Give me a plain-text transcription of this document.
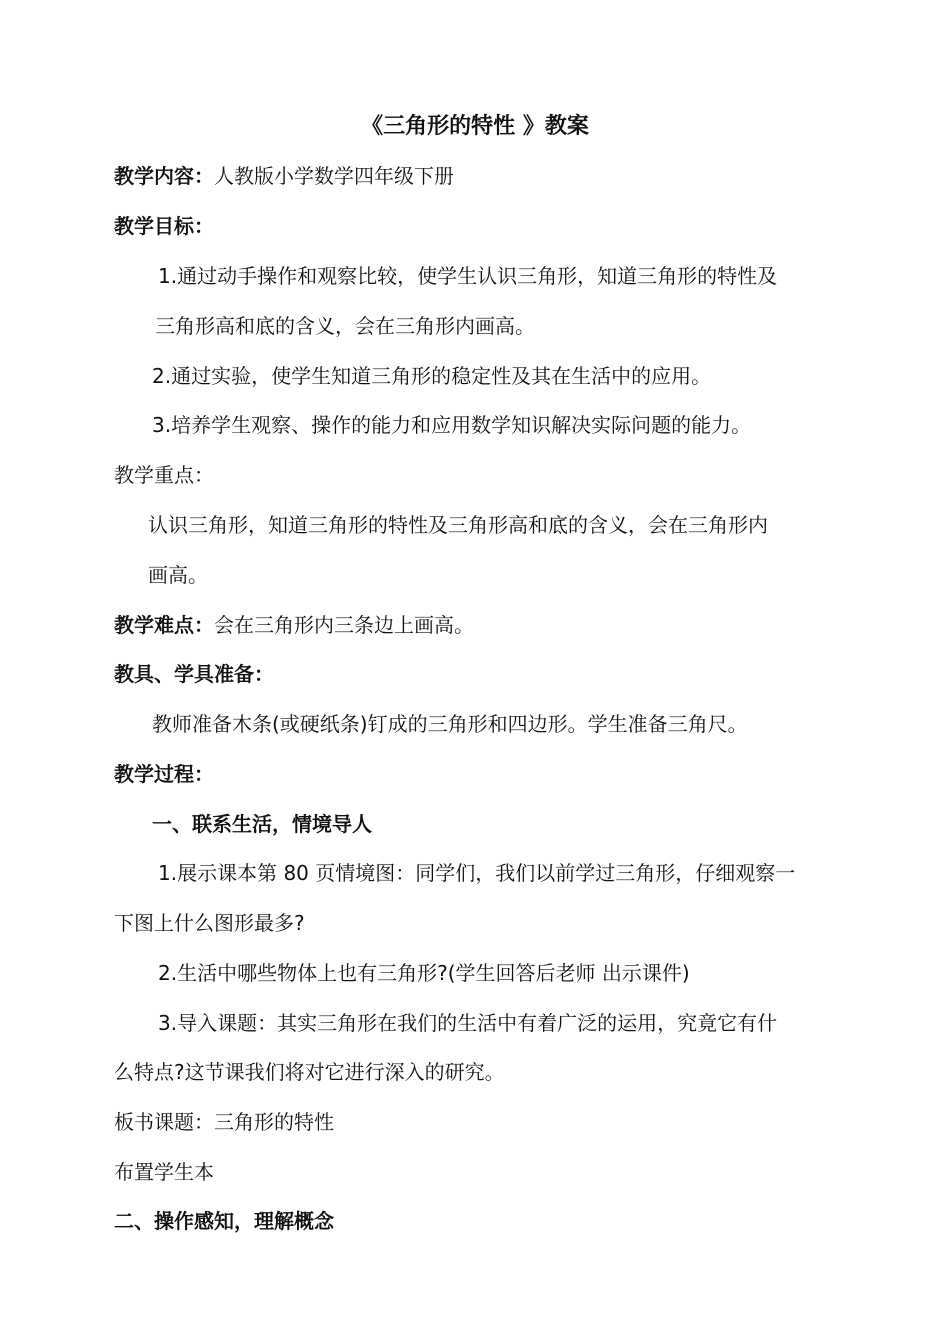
《三角形的特性 》教案
教学内容：人教版小学数学四年级下册
教学目标：
1.通过动手操作和观察比较，使学生认识三角形，知道三角形的特性及
三角形高和底的含义，会在三角形内画高。
2.通过实验，使学生知道三角形的稳定性及其在生活中的应用。
3.培养学生观察、操作的能力和应用数学知识解决实际问题的能力。
教学重点：
认识三角形，知道三角形的特性及三角形高和底的含义，会在三角形内
画高。
教学难点：会在三角形内三条边上画高。
教具、学具准备：
教师准备木条(或硬纸条)钉成的三角形和四边形。学生准备三角尺。
教学过程：
一、联系生活，情境导人
1.展示课本第 80 页情境图：同学们，我们以前学过三角形，仔细观察一
下图上什么图形最多?
2.生活中哪些物体上也有三角形?(学生回答后老师 出示课件)
3.导入课题：其实三角形在我们的生活中有着广泛的运用，究竟它有什
么特点?这节课我们将对它进行深入的研究。
板书课题：三角形的特性
布置学生本
二、操作感知，理解概念
